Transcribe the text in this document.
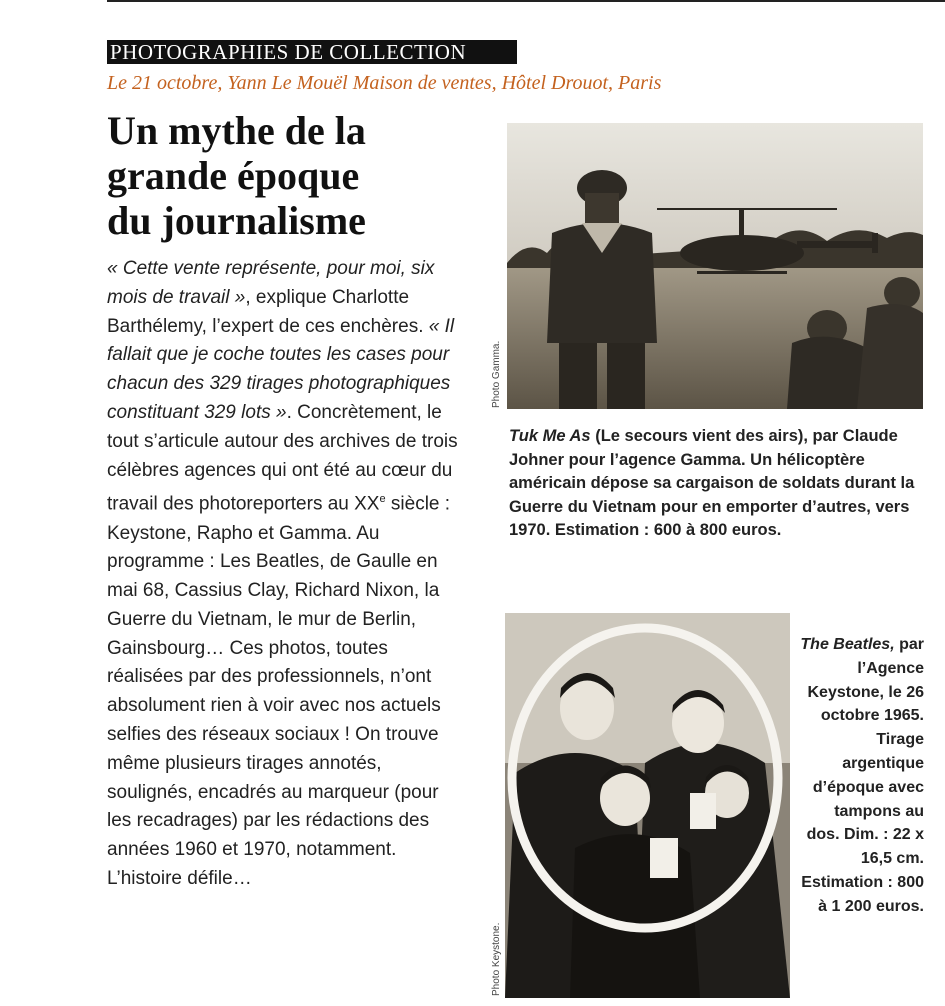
PHOTOGRAPHIES DE COLLECTION
Le 21 octobre, Yann Le Mouël Maison de ventes, Hôtel Drouot, Paris
Un mythe de la
grande époque
du journalisme
« Cette vente représente, pour moi, six mois de travail », explique Charlotte Barthélemy, l’expert de ces enchères. « Il fallait que je coche toutes les cases pour chacun des 329 tirages photographiques constituant 329 lots ». Concrètement, le tout s’articule autour des archives de trois célèbres agences qui ont été au cœur du travail des photoreporters au XXe siècle : Keystone, Rapho et Gamma. Au programme : Les Beatles, de Gaulle en mai 68, Cassius Clay, Richard Nixon, la Guerre du Vietnam, le mur de Berlin, Gainsbourg… Ces photos, toutes réalisées par des professionnels, n’ont absolument rien à voir avec nos actuels selfies des réseaux sociaux ! On trouve même plusieurs tirages annotés, soulignés, encadrés au marqueur (pour les recadrages) par les rédactions des années 1960 et 1970, notamment. L’histoire défile…
Photo Gamma.
Tuk Me As (Le secours vient des airs), par Claude Johner pour l’agence Gamma. Un hélicoptère américain dépose sa cargaison de soldats durant la Guerre du Vietnam pour en emporter d’autres, vers 1970. Estimation : 600 à 800 euros.
Photo Keystone.
The Beatles, par l’Agence Keystone, le 26 octobre 1965. Tirage argentique d’époque avec tampons au dos. Dim. : 22 x 16,5 cm. Estimation : 800 à 1 200 euros.
